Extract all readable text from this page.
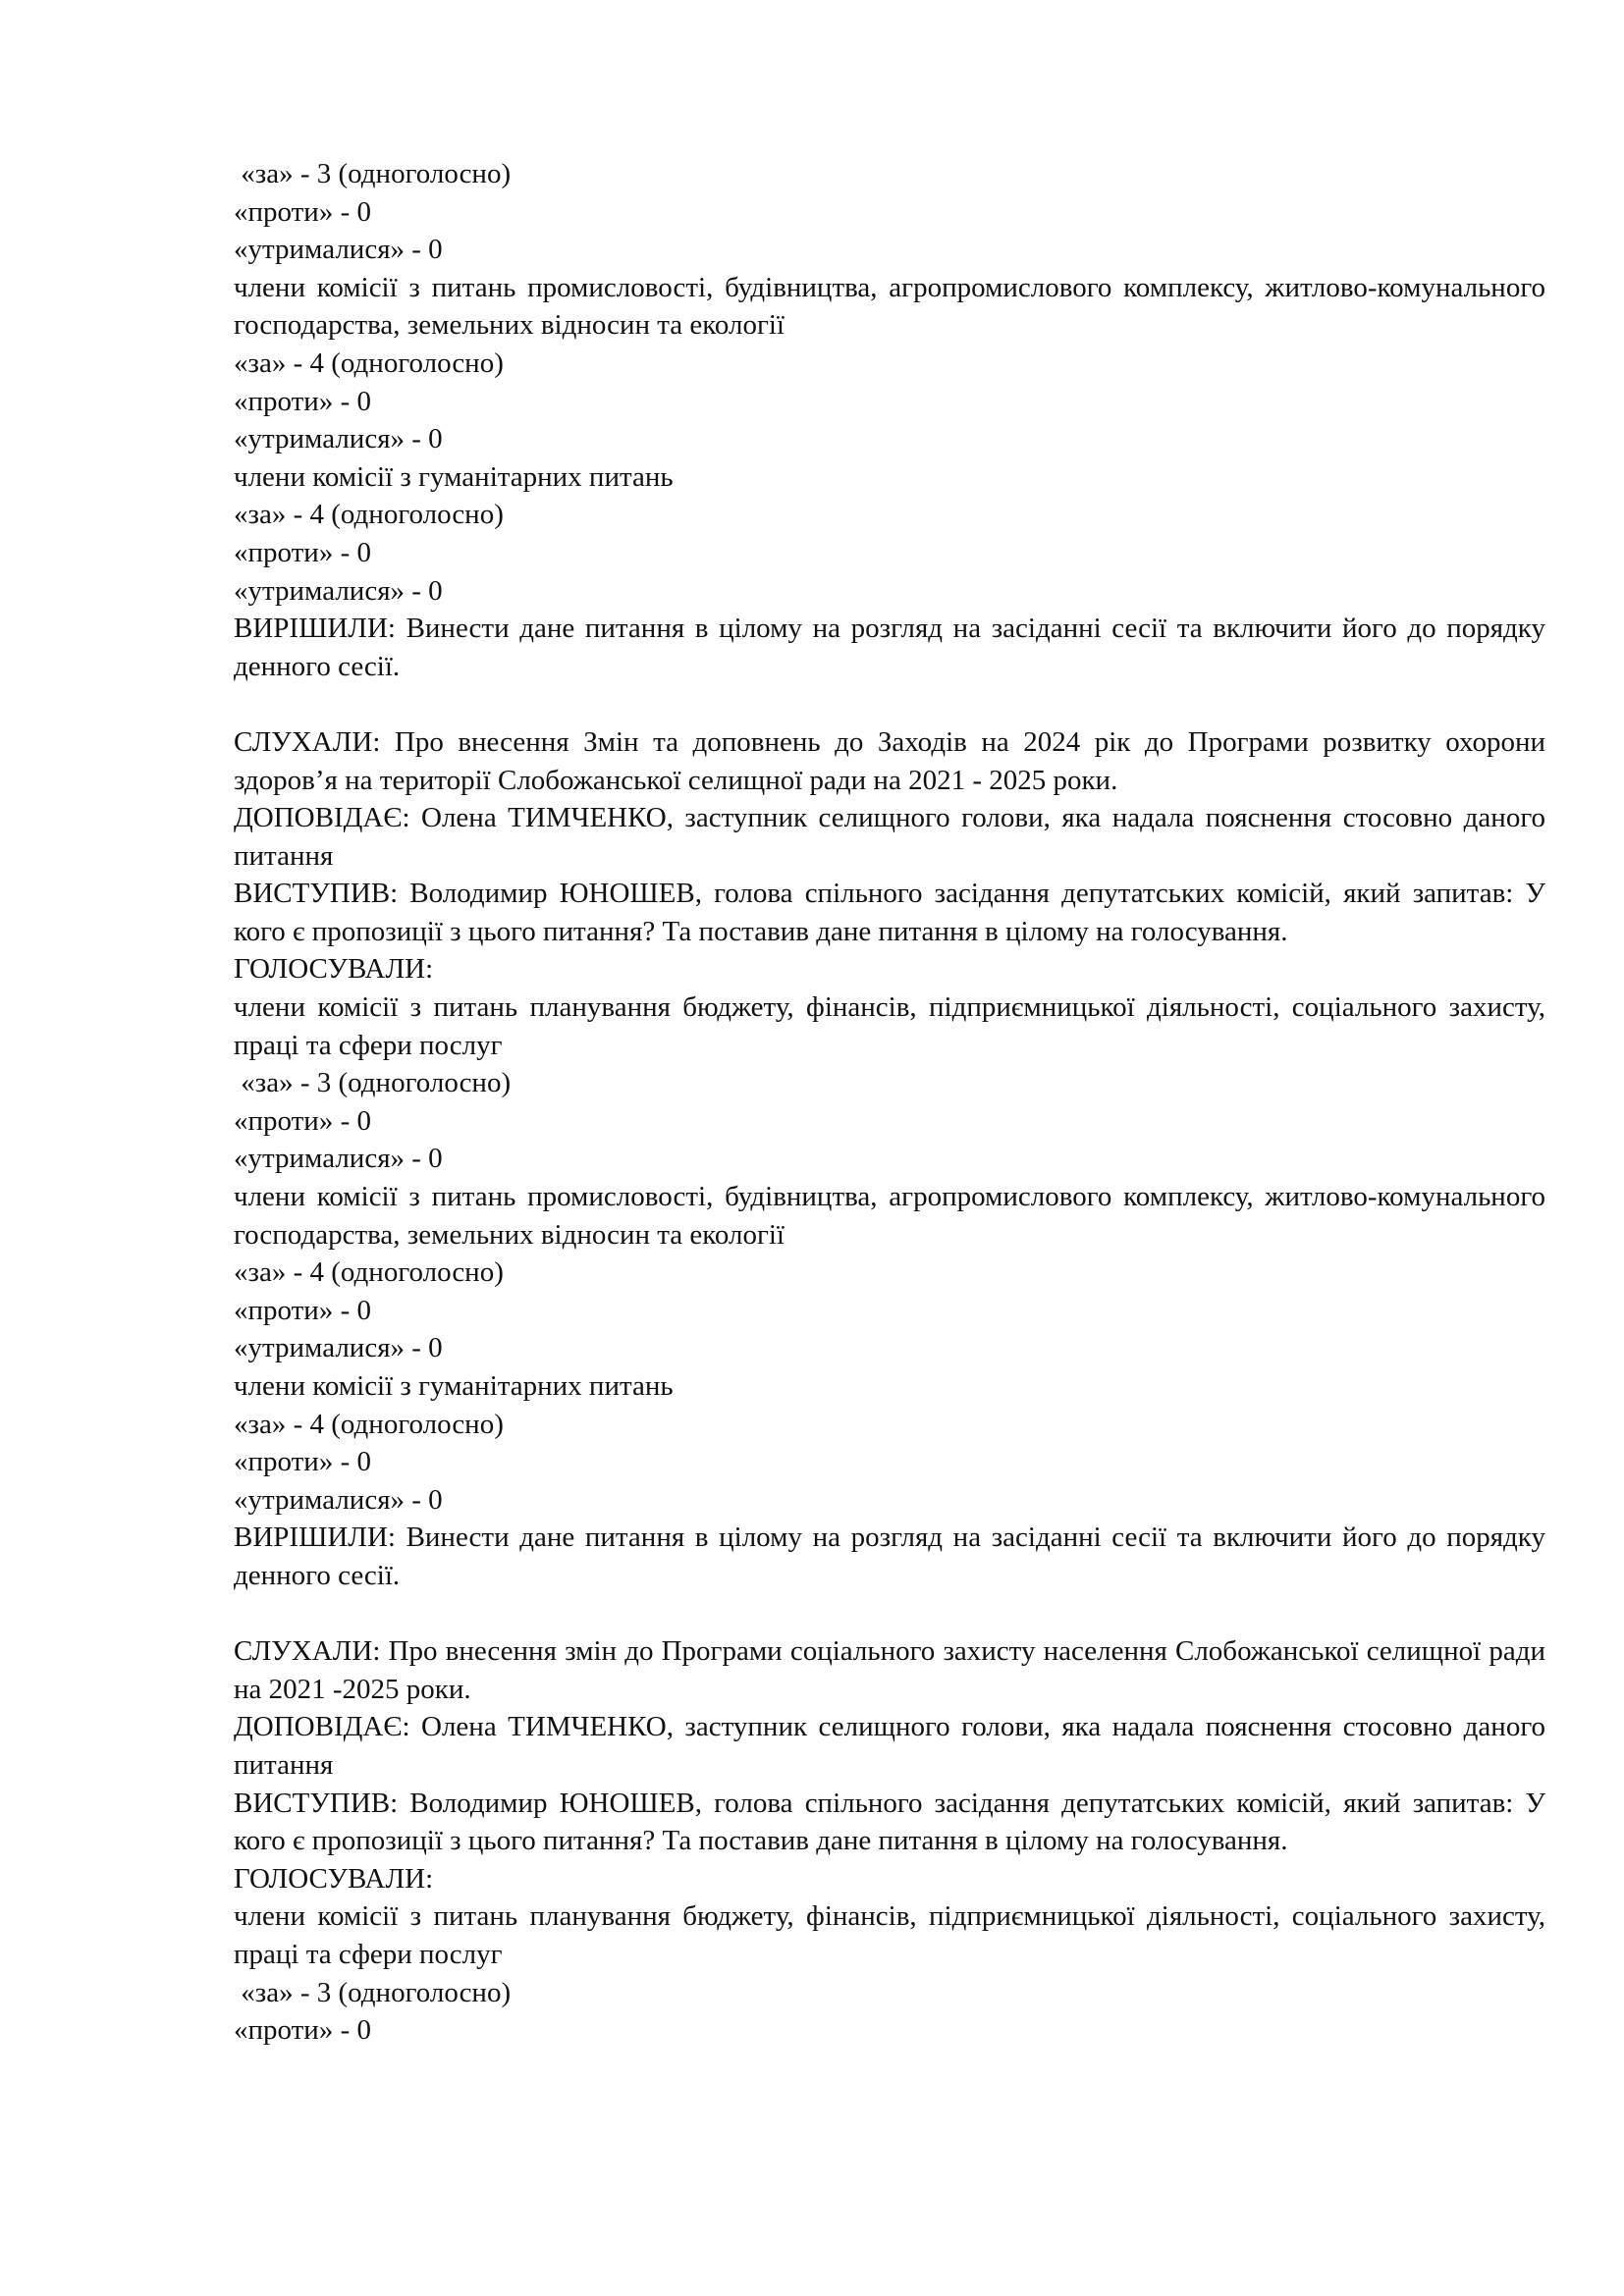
«за» - 3 (одноголосно)
«проти» - 0
«утрималися» - 0
члени комісії з питань промисловості, будівництва, агропромислового комплексу, житлово-комунального господарства, земельних відносин та екології
«за» - 4 (одноголосно)
«проти» - 0
«утрималися» - 0
члени комісії з гуманітарних питань
«за» - 4 (одноголосно)
«проти» - 0
«утрималися» - 0
ВИРІШИЛИ: Винести дане питання в цілому на розгляд на засіданні сесії та включити його до порядку денного сесії.
СЛУХАЛИ: Про внесення Змін та доповнень до Заходів на 2024 рік до Програми розвитку охорони здоров’я на території Слобожанської селищної ради на 2021 - 2025 роки.
ДОПОВІДАЄ: Олена ТИМЧЕНКО, заступник селищного голови, яка надала пояснення стосовно даного питання
ВИСТУПИВ: Володимир ЮНОШЕВ, голова спільного засідання депутатських комісій, який запитав: У кого є пропозиції з цього питання? Та поставив дане питання в цілому на голосування.
ГОЛОСУВАЛИ:
члени комісії з питань планування бюджету, фінансів, підприємницької діяльності, соціального захисту, праці та сфери послуг
«за» - 3 (одноголосно)
«проти» - 0
«утрималися» - 0
члени комісії з питань промисловості, будівництва, агропромислового комплексу, житлово-комунального господарства, земельних відносин та екології
«за» - 4 (одноголосно)
«проти» - 0
«утрималися» - 0
члени комісії з гуманітарних питань
«за» - 4 (одноголосно)
«проти» - 0
«утрималися» - 0
ВИРІШИЛИ: Винести дане питання в цілому на розгляд на засіданні сесії та включити його до порядку денного сесії.
СЛУХАЛИ: Про внесення змін до Програми соціального захисту населення Слобожанської селищної ради на 2021 -2025 роки.
ДОПОВІДАЄ: Олена ТИМЧЕНКО, заступник селищного голови, яка надала пояснення стосовно даного питання
ВИСТУПИВ: Володимир ЮНОШЕВ, голова спільного засідання депутатських комісій, який запитав: У кого є пропозиції з цього питання? Та поставив дане питання в цілому на голосування.
ГОЛОСУВАЛИ:
члени комісії з питань планування бюджету, фінансів, підприємницької діяльності, соціального захисту, праці та сфери послуг
«за» - 3 (одноголосно)
«проти» - 0
